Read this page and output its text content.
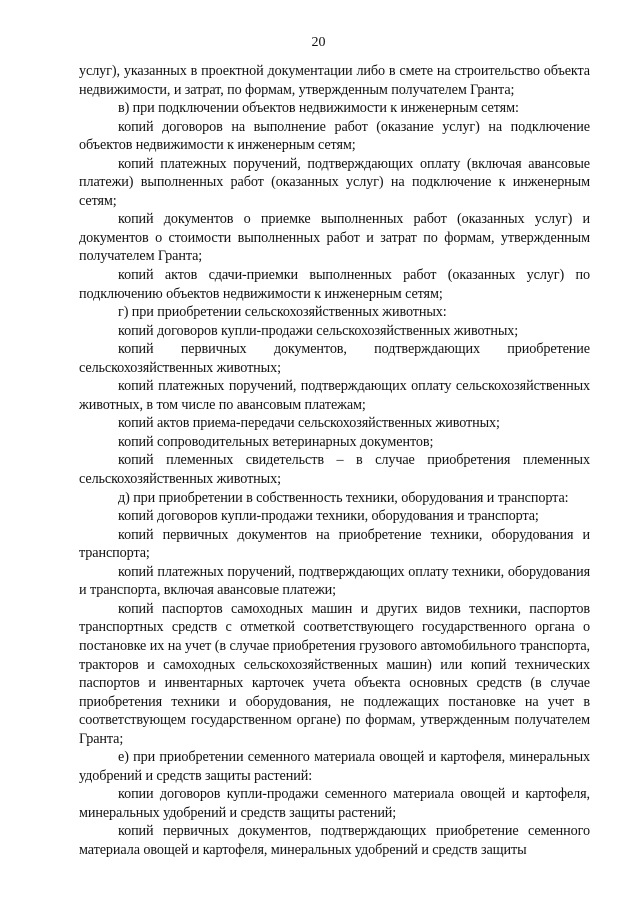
20

услуг), указанных в проектной документации либо в смете на строительство объекта недвижимости, и затрат, по формам, утвержденным получателем Гранта;

в) при подключении объектов недвижимости к инженерным сетям:

копий договоров на выполнение работ (оказание услуг) на подключение объектов недвижимости к инженерным сетям;

копий платежных поручений, подтверждающих оплату (включая авансовые платежи) выполненных работ (оказанных услуг) на подключение к инженерным сетям;

копий документов о приемке выполненных работ (оказанных услуг) и документов о стоимости выполненных работ и затрат по формам, утвержденным получателем Гранта;

копий актов сдачи-приемки выполненных работ (оказанных услуг) по подключению объектов недвижимости к инженерным сетям;

г) при приобретении сельскохозяйственных животных:

копий договоров купли-продажи сельскохозяйственных животных;

копий первичных документов, подтверждающих приобретение сельскохозяйственных животных;

копий платежных поручений, подтверждающих оплату сельскохозяйственных животных, в том числе по авансовым платежам;

копий актов приема-передачи сельскохозяйственных животных;

копий сопроводительных ветеринарных документов;

копий племенных свидетельств – в случае приобретения племенных сельскохозяйственных животных;

д) при приобретении в собственность техники, оборудования и транспорта:

копий договоров купли-продажи техники, оборудования и транспорта;

копий первичных документов на приобретение техники, оборудования и транспорта;

копий платежных поручений, подтверждающих оплату техники, оборудования и транспорта, включая авансовые платежи;

копий паспортов самоходных машин и других видов техники, паспортов транспортных средств с отметкой соответствующего государственного органа о постановке их на учет (в случае приобретения грузового автомобильного транспорта, тракторов и самоходных сельскохозяйственных машин) или копий технических паспортов и инвентарных карточек учета объекта основных средств (в случае приобретения техники и оборудования, не подлежащих постановке на учет в соответствующем государственном органе) по формам, утвержденным получателем Гранта;

е) при приобретении семенного материала овощей и картофеля, минеральных удобрений и средств защиты растений:

копии договоров купли-продажи семенного материала овощей и картофеля, минеральных удобрений и средств защиты растений;

копий первичных документов, подтверждающих приобретение семенного материала овощей и картофеля, минеральных удобрений и средств защиты
